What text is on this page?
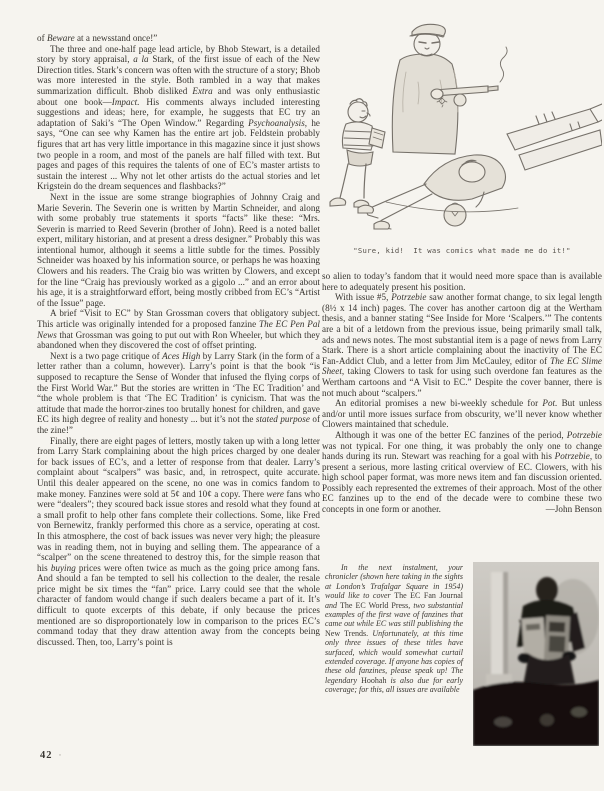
of Beware at a newsstand once!”

The three and one-half page lead article, by Bhob Stewart, is a detailed story by story appraisal, a la Stark, of the first issue of each of the New Direction titles. Stark’s concern was often with the structure of a story; Bhob was more interested in the style. Both rambled in a way that makes summarization difficult. Bhob disliked Extra and was only enthusiastic about one book—Impact. His comments always included interesting suggestions and ideas; here, for example, he suggests that EC try an adaptation of Saki’s “The Open Window.” Regarding Psychoanalysis, he says, “One can see why Kamen has the entire art job. Feldstein probably figures that art has very little importance in this magazine since it just shows two people in a room, and most of the panels are half filled with text. But pages and pages of this requires the talents of one of EC’s master artists to sustain the interest ... Why not let other artists do the actual stories and let Krigstein do the dream sequences and flashbacks?”

Next in the issue are some strange biographies of Johnny Craig and Marie Severin. The Severin one is written by Martin Schneider, and along with some probably true statements it sports “facts” like these: “Mrs. Severin is married to Reed Severin (brother of John). Reed is a noted ballet expert, military historian, and at present a dress designer.” Probably this was intentional humor, although it seems a little subtle for the times. Possibly Schneider was hoaxed by his information source, or perhaps he was hoaxing Clowers and his readers. The Craig bio was written by Clowers, and except for the line “Craig has previously worked as a gigolo ...” and an error about his age, it is a straightforward effort, being mostly cribbed from EC’s “Artist of the Issue” page.

A brief “Visit to EC” by Stan Grossman covers that obligatory subject. This article was originally intended for a proposed fanzine The EC Pen Pal News that Grossman was going to put out with Ron Wheeler, but which they abandoned when they discovered the cost of offset printing.

Next is a two page critique of Aces High by Larry Stark (in the form of a letter rather than a column, however). Larry’s point is that the book “is supposed to recapture the Sense of Wonder that infused the flying corps of the First World War.” But the stories are written in ‘The EC Tradition’ and “the whole problem is that ‘The EC Tradition’ is cynicism. That was the attitude that made the horror-zines too brutally honest for children, and gave EC its high degree of reality and honesty ... but it’s not the stated purpose of the zine!”

Finally, there are eight pages of letters, mostly taken up with a long letter from Larry Stark complaining about the high prices charged by one dealer for back issues of EC’s, and a letter of response from that dealer. Larry’s complaint about “scalpers” was basic, and, in retrospect, quite accurate. Until this dealer appeared on the scene, no one was in comics fandom to make money. Fanzines were sold at 5¢ and 10¢ a copy. There were fans who were “dealers”; they scoured back issue stores and resold what they found at a small profit to help other fans complete their collections. Some, like Fred von Bernewitz, frankly performed this chore as a service, operating at cost. In this atmosphere, the cost of back issues was never very high; the pleasure was in reading them, not in buying and selling them. The appearance of a “scalper” on the scene threatened to destroy this, for the simple reason that his buying prices were often twice as much as the going price among fans. And should a fan be tempted to sell his collection to the dealer, the resale price might be six times the “fan” price. Larry could see that the whole character of fandom would change if such dealers became a part of it. It’s difficult to quote excerpts of this debate, if only because the prices mentioned are so disproportionately low in comparison to the prices EC’s command today that they draw attention away from the concepts being discussed. Then, too, Larry’s point is

"Sure, kid!  It was comics what made me do it!"

so alien to today’s fandom that it would need more space than is available here to adequately present his position.

With issue #5, Potrzebie saw another format change, to six legal length (8½ x 14 inch) pages. The cover has another cartoon dig at the Wertham thesis, and a banner stating “See Inside for More ‘Scalpers.’” The contents are a bit of a letdown from the previous issue, being primarily small talk, ads and news notes. The most substantial item is a page of news from Larry Stark. There is a short article complaining about the inactivity of The EC Fan-Addict Club, and a letter from Jim McCauley, editor of The EC Slime Sheet, taking Clowers to task for using such overdone fan features as the Wertham cartoons and “A Visit to EC.” Despite the cover banner, there is not much about “scalpers.”

An editorial promises a new bi-weekly schedule for Pot. But unless and/or until more issues surface from obscurity, we’ll never know whether Clowers maintained that schedule.

Although it was one of the better EC fanzines of the period, Potrzebie was not typical. For one thing, it was probably the only one to change hands during its run. Stewart was reaching for a goal with his Potrzebie, to present a serious, more lasting critical overview of EC. Clowers, with his high school paper format, was more news item and fan discussion oriented. Possibly each represented the extremes of their approach. Most of the other EC fanzines up to the end of the decade were to combine these two concepts in one form or another.	—John Benson

In the next instalment, your chronicler (shown here taking in the sights at London’s Trafalgar Square in 1954) would like to cover The EC Fan Journal and The EC World Press, two substantial examples of the first wave of fanzines that came out while EC was still publishing the New Trends. Unfortunately, at this time only three issues of these titles have surfaced, which would somewhat curtail extended coverage. If anyone has copies of these old fanzines, please speak up! The legendary Hoohah is also due for early coverage; for this, all issues are available

42 ·
